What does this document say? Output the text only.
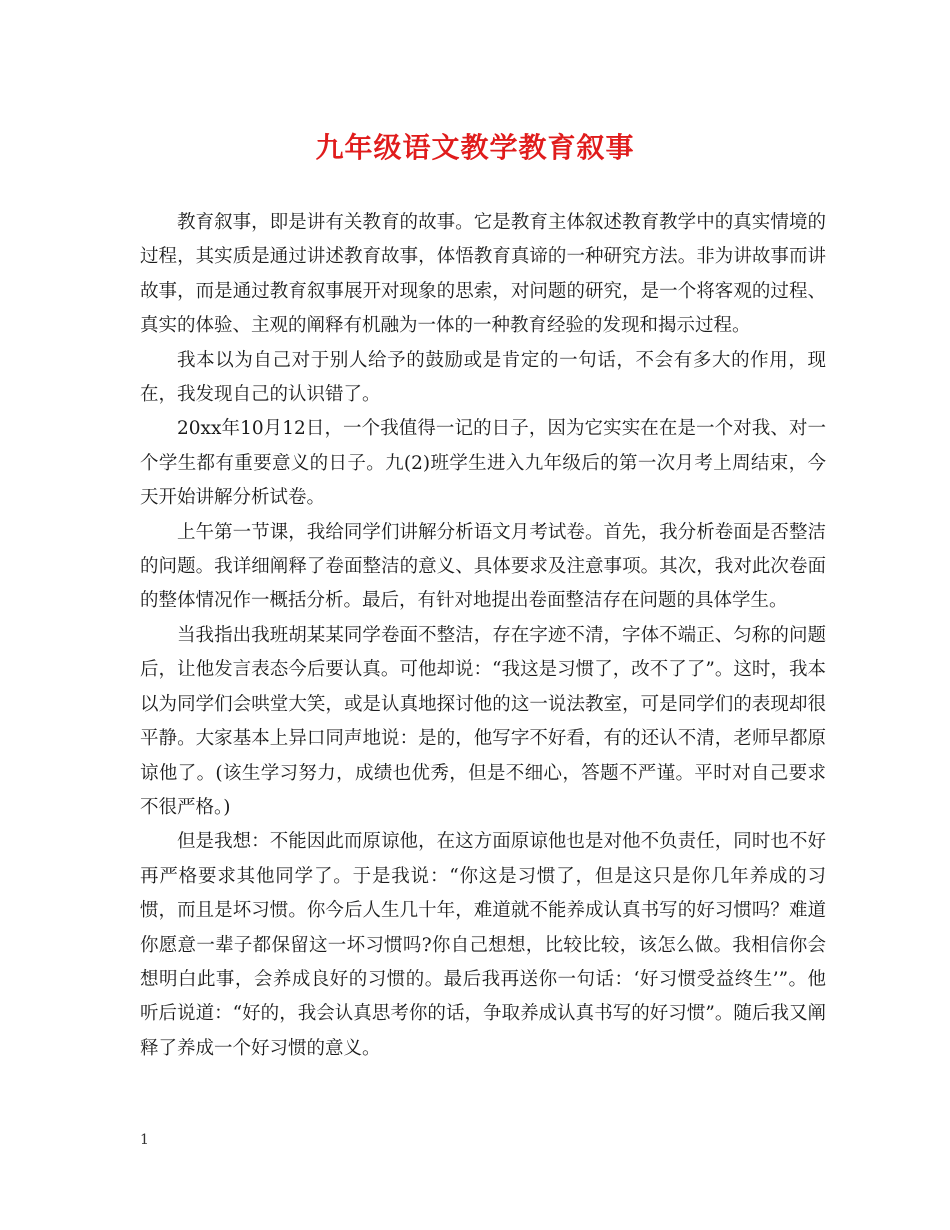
九年级语文教学教育叙事

教育叙事，即是讲有关教育的故事。它是教育主体叙述教育教学中的真实情境的过程，其实质是通过讲述教育故事，体悟教育真谛的一种研究方法。非为讲故事而讲故事，而是通过教育叙事展开对现象的思索，对问题的研究，是一个将客观的过程、真实的体验、主观的阐释有机融为一体的一种教育经验的发现和揭示过程。

我本以为自己对于别人给予的鼓励或是肯定的一句话，不会有多大的作用，现在，我发现自己的认识错了。

20xx年10月12日，一个我值得一记的日子，因为它实实在在是一个对我、对一个学生都有重要意义的日子。九(2)班学生进入九年级后的第一次月考上周结束，今天开始讲解分析试卷。

上午第一节课，我给同学们讲解分析语文月考试卷。首先，我分析卷面是否整洁的问题。我详细阐释了卷面整洁的意义、具体要求及注意事项。其次，我对此次卷面的整体情况作一概括分析。最后，有针对地提出卷面整洁存在问题的具体学生。

当我指出我班胡某某同学卷面不整洁，存在字迹不清，字体不端正、匀称的问题后，让他发言表态今后要认真。可他却说：“我这是习惯了，改不了了”。这时，我本以为同学们会哄堂大笑，或是认真地探讨他的这一说法教室，可是同学们的表现却很平静。大家基本上异口同声地说：是的，他写字不好看，有的还认不清，老师早都原谅他了。(该生学习努力，成绩也优秀，但是不细心，答题不严谨。平时对自己要求不很严格。)

但是我想：不能因此而原谅他，在这方面原谅他也是对他不负责任，同时也不好再严格要求其他同学了。于是我说：“你这是习惯了，但是这只是你几年养成的习惯，而且是坏习惯。你今后人生几十年，难道就不能养成认真书写的好习惯吗？难道你愿意一辈子都保留这一坏习惯吗?你自己想想，比较比较，该怎么做。我相信你会想明白此事，会养成良好的习惯的。最后我再送你一句话：‘好习惯受益终生’”。他听后说道：“好的，我会认真思考你的话，争取养成认真书写的好习惯”。随后我又阐释了养成一个好习惯的意义。

1
